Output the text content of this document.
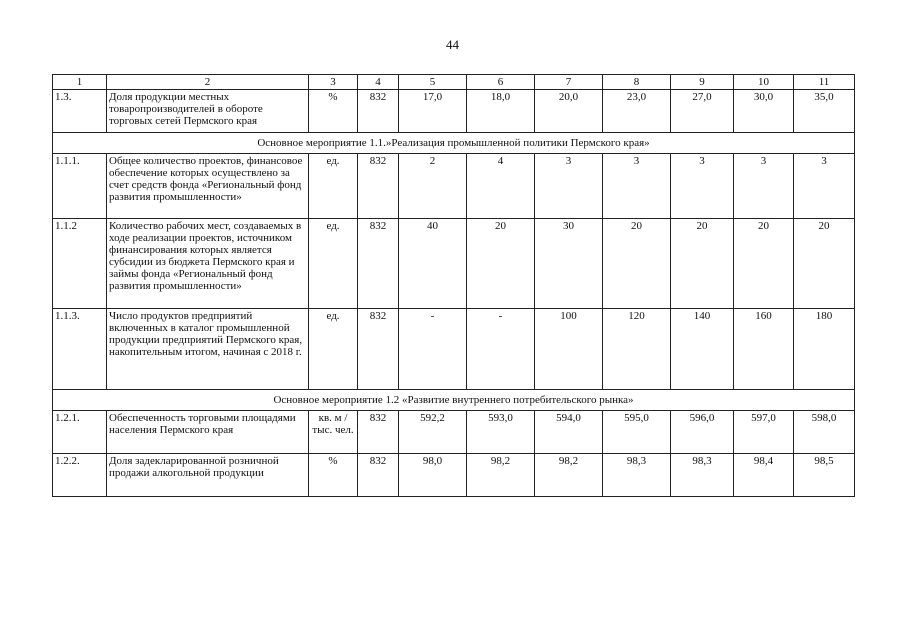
44
1	2	3	4	5	6	7	8	9	10	11
1.3.	Доля продукции местных товаропроизводителей в обороте торговых сетей Пермского края	%	832	17,0	18,0	20,0	23,0	27,0	30,0	35,0
Основное мероприятие 1.1.»Реализация промышленной политики Пермского края»										
1.1.1.	Общее количество проектов, финансовое обеспечение которых осуществлено за счет средств фонда «Региональный фонд развития промышленности»	ед.	832	2	4	3	3	3	3	3
1.1.2	Количество рабочих мест, создаваемых в ходе реализации проектов, источником финансирования которых является субсидии из бюджета Пермского края и займы фонда «Региональный фонд развития промышленности»	ед.	832	40	20	30	20	20	20	20
1.1.3.	Число продуктов предприятий включенных в каталог промышленной продукции предприятий Пермского края, накопительным итогом, начиная с 2018 г.	ед.	832	-	-	100	120	140	160	180
Основное мероприятие 1.2 «Развитие внутреннего потребительского рынка»										
1.2.1.	Обеспеченность торговыми площадями населения Пермского края	кв. м / тыс. чел.	832	592,2	593,0	594,0	595,0	596,0	597,0	598,0
1.2.2.	Доля задекларированной розничной продажи алкогольной продукции	%	832	98,0	98,2	98,2	98,3	98,3	98,4	98,5
